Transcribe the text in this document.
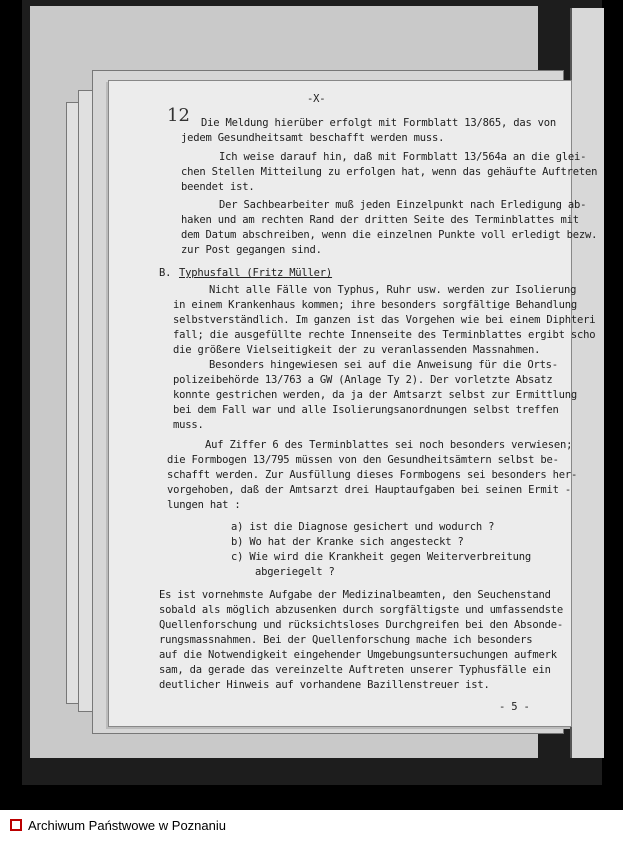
12
-X-
Die Meldung hierüber erfolgt mit Formblatt 13/865, das von
jedem Gesundheitsamt beschafft werden muss.
Ich weise darauf hin, daß mit Formblatt 13/564a an die glei-
chen Stellen Mitteilung zu erfolgen hat, wenn das gehäufte Auftreten
beendet ist.
Der Sachbearbeiter muß jeden Einzelpunkt nach Erledigung ab-
haken und am rechten Rand der dritten Seite des Terminblattes mit
dem Datum abschreiben, wenn die einzelnen Punkte voll erledigt bezw.
zur Post gegangen sind.
B. Typhusfall (Fritz Müller)
Nicht alle Fälle von Typhus, Ruhr usw. werden zur Isolierung
in einem Krankenhaus kommen; ihre besonders sorgfältige Behandlung
selbstverständlich. Im ganzen ist das Vorgehen wie bei einem Diphteri
fall; die ausgefüllte rechte Innenseite des Terminblattes ergibt scho
die größere Vielseitigkeit der zu veranlassenden Massnahmen.
Besonders hingewiesen sei auf die Anweisung für die Orts-
polizeibehörde 13/763 a GW (Anlage Ty 2). Der vorletzte Absatz
konnte gestrichen werden, da ja der Amtsarzt selbst zur Ermittlung
bei dem Fall war und alle Isolierungsanordnungen selbst treffen
muss.
Auf Ziffer 6 des Terminblattes sei noch besonders verwiesen;
die Formbogen 13/795 müssen von den Gesundheitsämtern selbst be-
schafft werden. Zur Ausfüllung dieses Formbogens sei besonders her-
vorgehoben, daß der Amtsarzt drei Hauptaufgaben bei seinen Ermit -
lungen hat :
a) ist die Diagnose gesichert und wodurch ?
b) Wo hat der Kranke sich angesteckt ?
c) Wie wird die Krankheit gegen Weiterverbreitung
abgeriegelt ?
Es ist vornehmste Aufgabe der Medizinalbeamten, den Seuchenstand
sobald als möglich abzusenken durch sorgfältigste und umfassendste
Quellenforschung und rücksichtsloses Durchgreifen bei den Absonde-
rungsmassnahmen. Bei der Quellenforschung mache ich besonders
auf die Notwendigkeit eingehender Umgebungsuntersuchungen aufmerk
sam, da gerade das vereinzelte Auftreten unserer Typhusfälle ein
deutlicher Hinweis auf vorhandene Bazillenstreuer ist.
- 5 -
Archiwum Państwowe w Poznaniu
